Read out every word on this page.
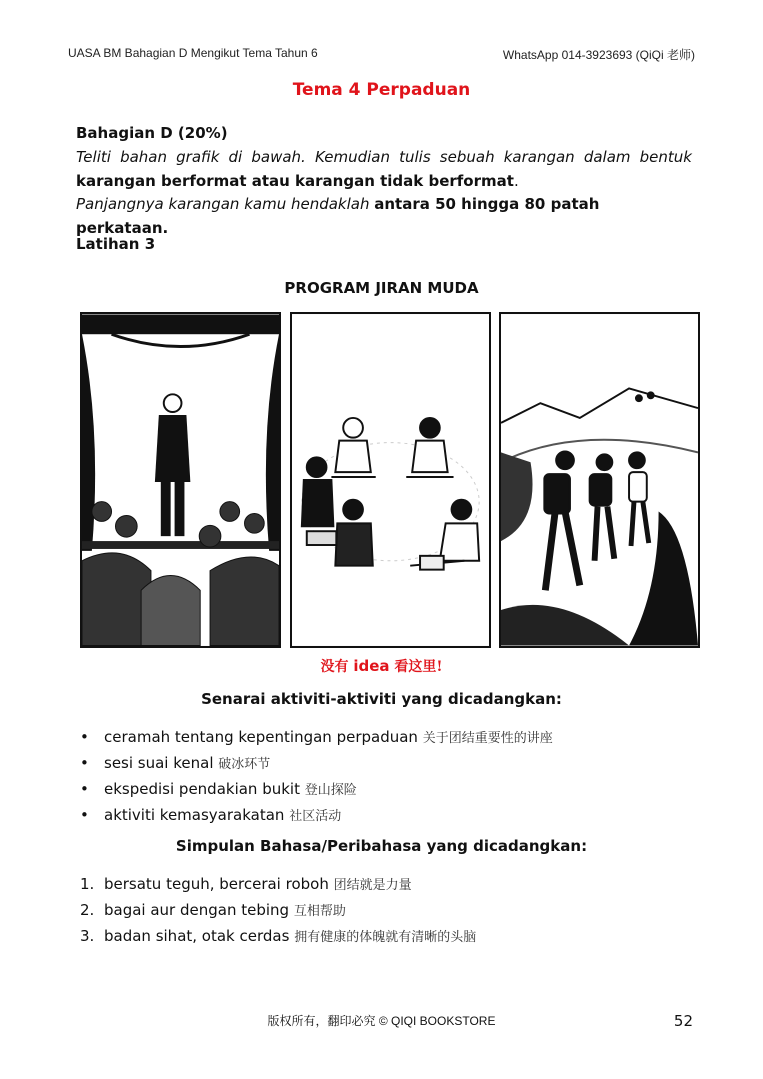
UASA BM Bahagian D Mengikut Tema Tahun 6	WhatsApp 014-3923693 (QiQi 老师)
Tema 4 Perpaduan
Bahagian D (20%)
Teliti bahan grafik di bawah. Kemudian tulis sebuah karangan dalam bentuk
karangan berformat atau karangan tidak berformat.
Panjangnya karangan kamu hendaklah antara 50 hingga 80 patah perkataan.
Latihan 3
PROGRAM JIRAN MUDA
没有 idea 看这里!
Senarai aktiviti-aktiviti yang dicadangkan:
• ceramah tentang kepentingan perpaduan 关于团结重要性的讲座
• sesi suai kenal 破冰环节
• ekspedisi pendakian bukit 登山探险
• aktiviti kemasyarakatan 社区活动
Simpulan Bahasa/Peribahasa yang dicadangkan:
1. bersatu teguh, bercerai roboh 团结就是力量
2. bagai aur dengan tebing 互相帮助
3. badan sihat, otak cerdas 拥有健康的体魄就有清晰的头脑
版权所有，翻印必究 © QIQI BOOKSTORE	52
